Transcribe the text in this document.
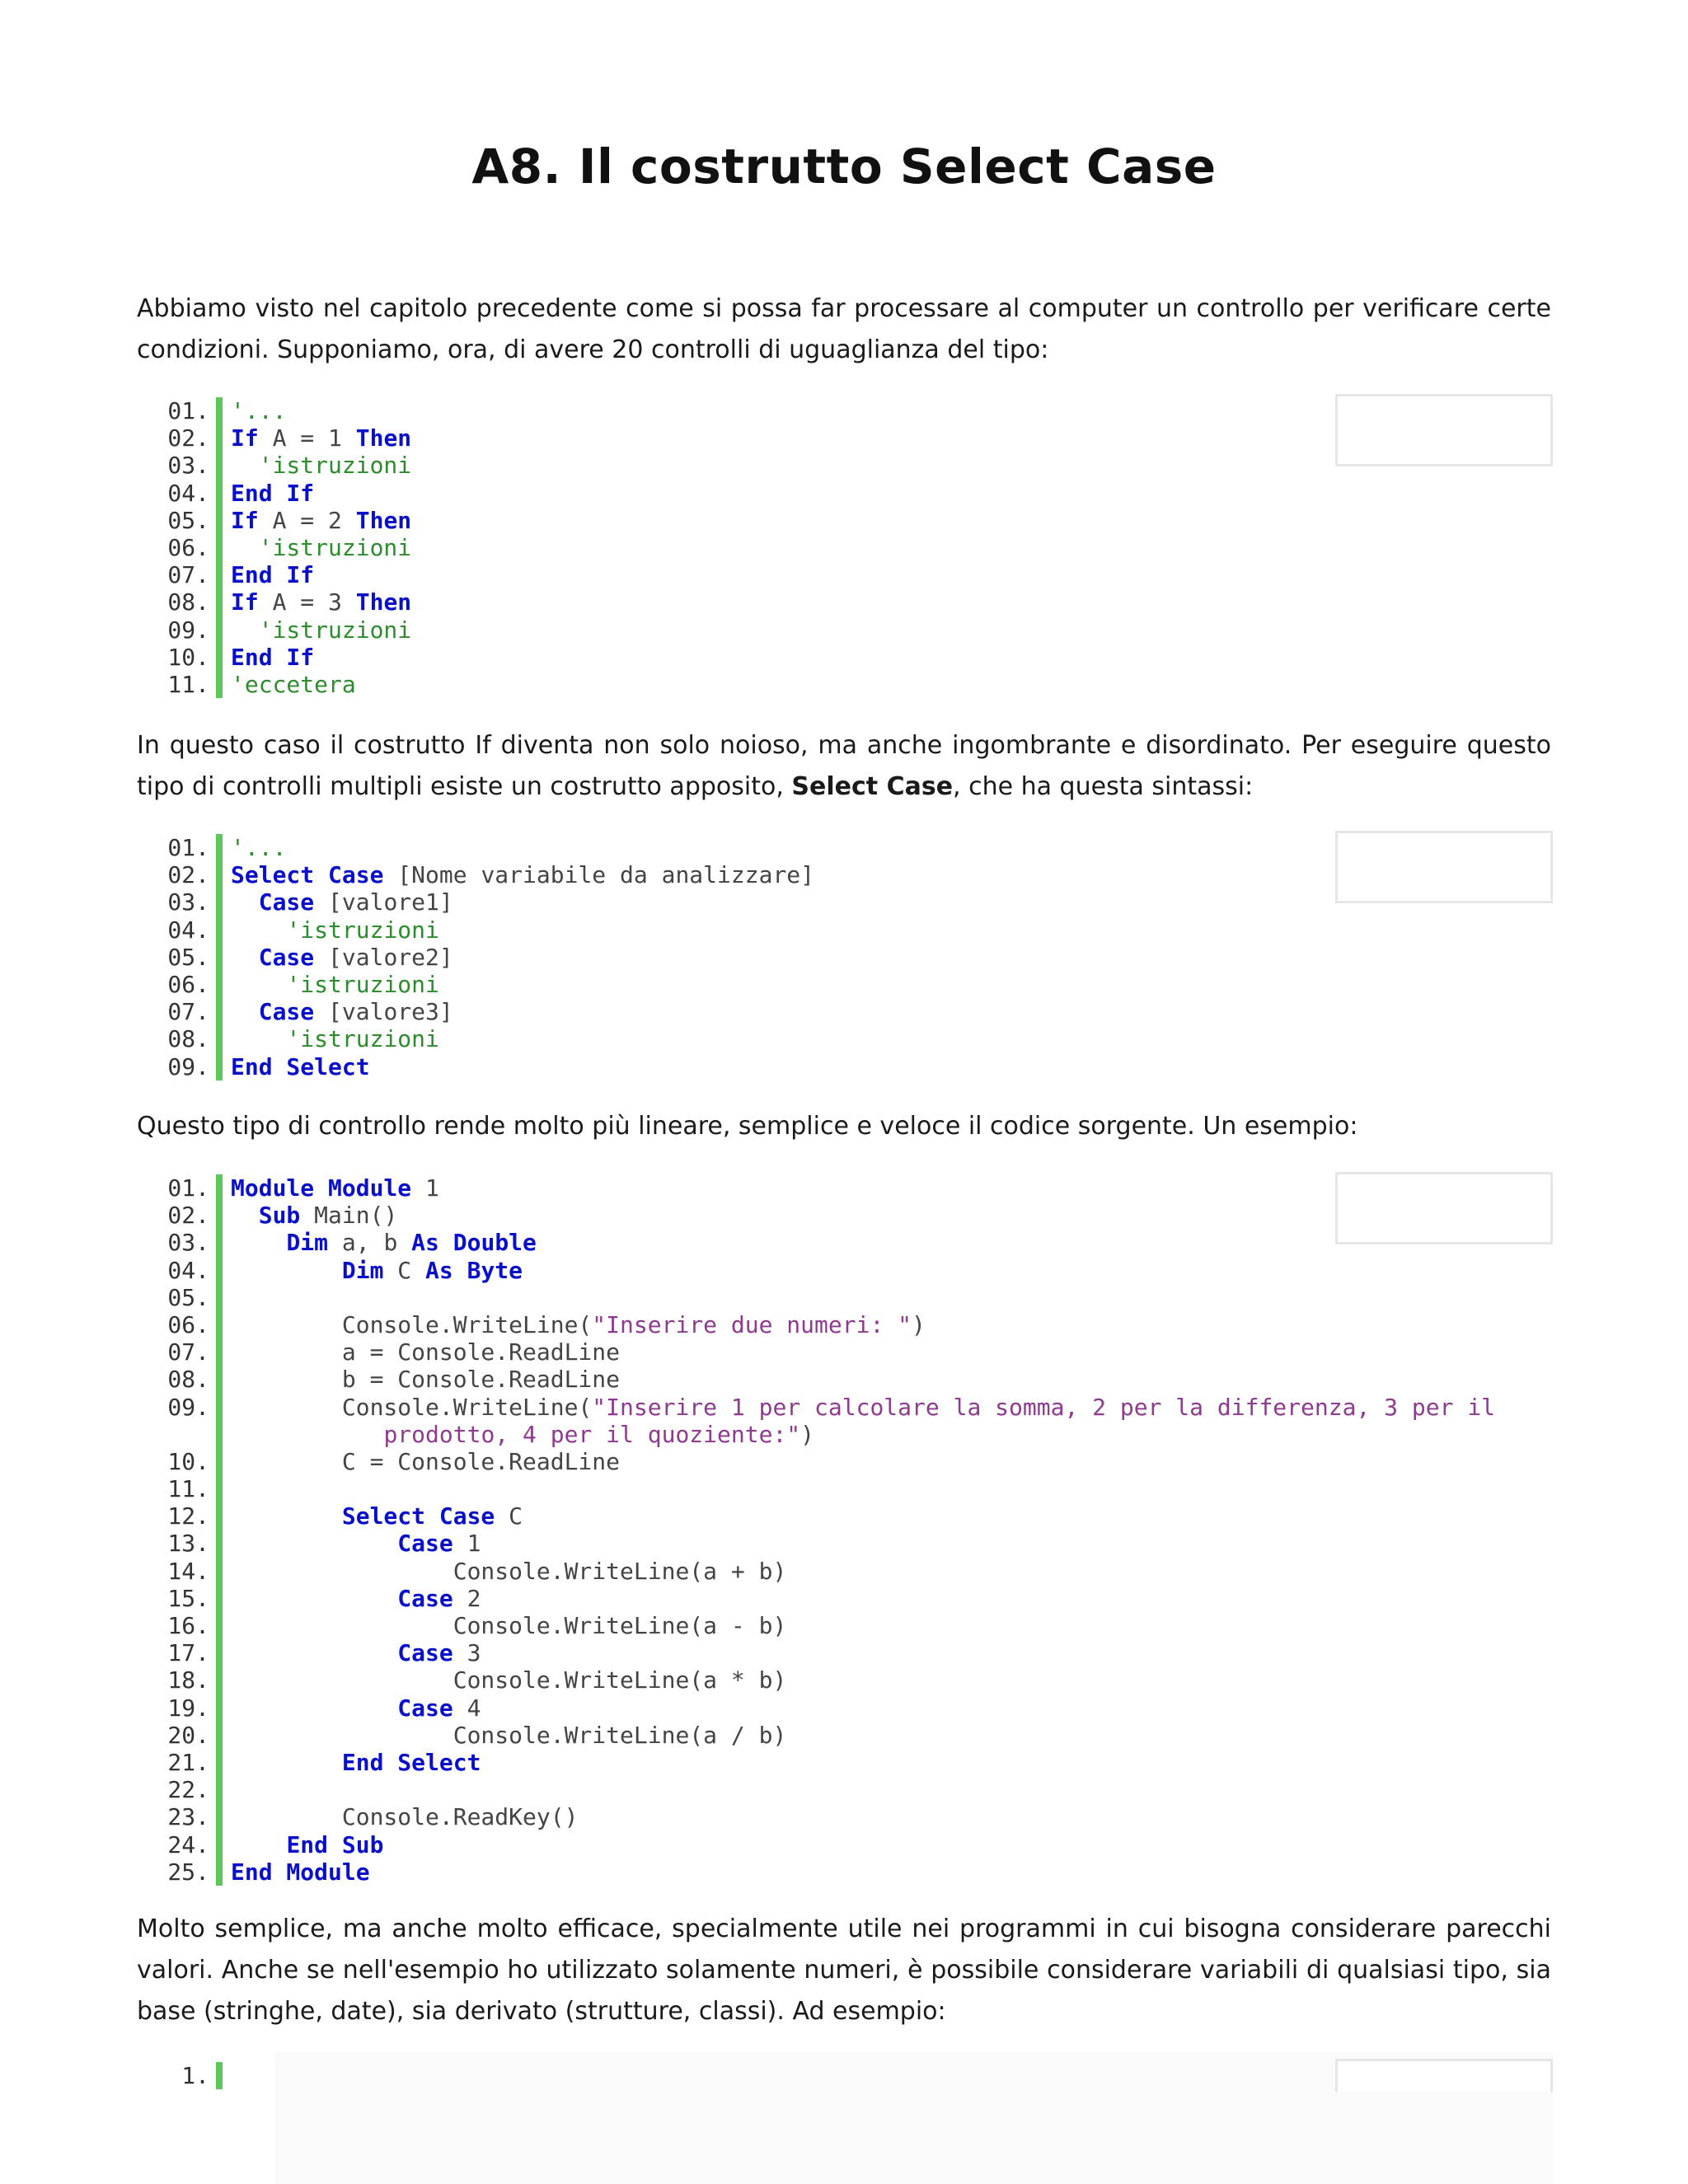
A8. Il costrutto Select Case

Abbiamo visto nel capitolo precedente come si possa far processare al computer un controllo per verificare certe condizioni. Supponiamo, ora, di avere 20 controlli di uguaglianza del tipo:

01. '...
02. If A = 1 Then
03.	'istruzioni
04. End If
05. If A = 2 Then
06.	'istruzioni
07. End If
08. If A = 3 Then
09.	'istruzioni
10. End If
11. 'eccetera

In questo caso il costrutto If diventa non solo noioso, ma anche ingombrante e disordinato. Per eseguire questo tipo di controlli multipli esiste un costrutto apposito, Select Case, che ha questa sintassi:

01. '...
02. Select Case [Nome variabile da analizzare]
03.	Case [valore1]
04.	'istruzioni
05.	Case [valore2]
06.	'istruzioni
07.	Case [valore3]
08.	'istruzioni
09. End Select

Questo tipo di controllo rende molto più lineare, semplice e veloce il codice sorgente. Un esempio:

01. Module Module 1
02.	Sub Main()
03.	Dim a, b As Double
04.	Dim C As Byte
05.

06. Console.WriteLine("Inserire due numeri: ")
07. a = Console.ReadLine
08. b = Console.ReadLine
09. Console.WriteLine("Inserire 1 per calcolare la somma, 2 per la differenza, 3 per il
prodotto, 4 per il quoziente:")
10. C = Console.ReadLine
11.

12.	Select Case C
13.	Case 1
14. Console.WriteLine(a + b)
15.	Case 2
16. Console.WriteLine(a - b)
17.	Case 3
18. Console.WriteLine(a * b)
19.	Case 4
20. Console.WriteLine(a / b)
21.	End Select
22.

23. Console.ReadKey()
24.	End Sub
25. End Module

Molto semplice, ma anche molto efficace, specialmente utile nei programmi in cui bisogna considerare parecchi valori. Anche se nell'esempio ho utilizzato solamente numeri, è possibile considerare variabili di qualsiasi tipo, sia base (stringhe, date), sia derivato (strutture, classi). Ad esempio:

1.
